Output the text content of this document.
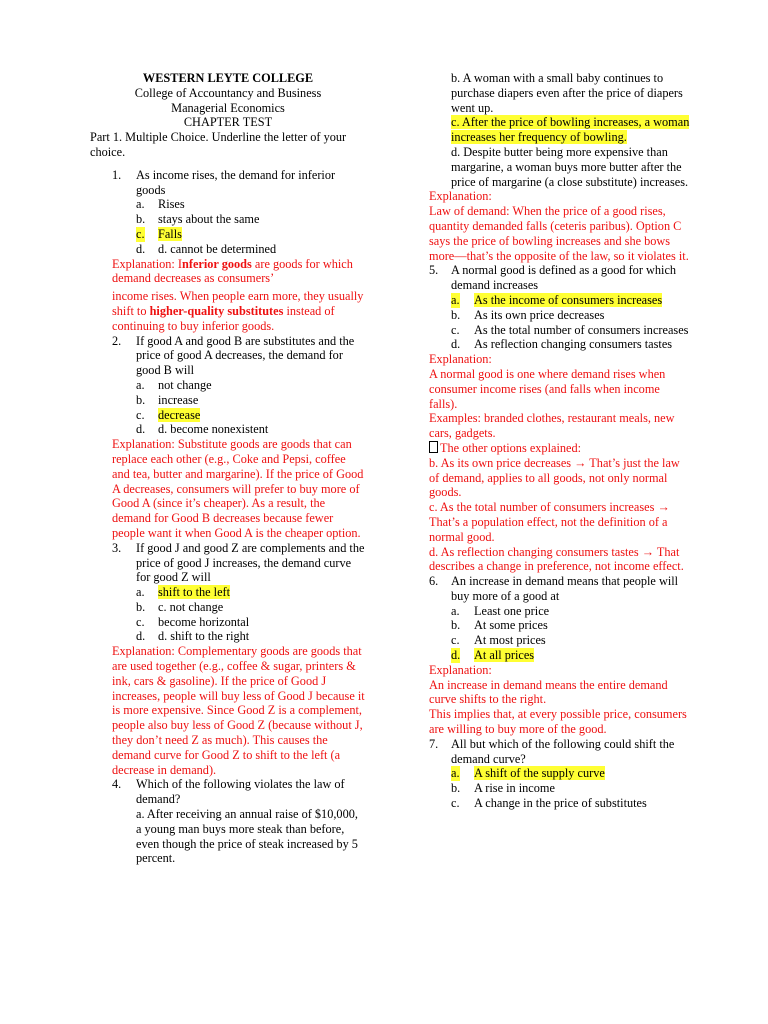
WESTERN LEYTE COLLEGE

College of Accountancy and Business

Managerial Economics

CHAPTER TEST

Part 1. Multiple Choice. Underline the letter of your choice.

1. As income rises, the demand for inferior goods
a. Rises
b. stays about the same
c. Falls
d. d. cannot be determined

Explanation: Inferior goods are goods for which demand decreases as consumers’

income rises. When people earn more, they usually shift to higher-quality substitutes instead of continuing to buy inferior goods.

2. If good A and good B are substitutes and the price of good A decreases, the demand for good B will
a. not change
b. increase
c. decrease
d. d. become nonexistent

Explanation: Substitute goods are goods that can replace each other (e.g., Coke and Pepsi, coffee and tea, butter and margarine). If the price of Good A decreases, consumers will prefer to buy more of Good A (since it’s cheaper). As a result, the demand for Good B decreases because fewer people want it when Good A is the cheaper option.

3. If good J and good Z are complements and the price of good J increases, the demand curve for good Z will
a. shift to the left
b. c. not change
c. become horizontal
d. d. shift to the right

Explanation: Complementary goods are goods that are used together (e.g., coffee & sugar, printers & ink, cars & gasoline). If the price of Good J increases, people will buy less of Good J because it is more expensive. Since Good Z is a complement, people also buy less of Good Z (because without J, they don’t need Z as much). This causes the demand curve for Good Z to shift to the left (a decrease in demand).

4. Which of the following violates the law of demand?

a. After receiving an annual raise of $10,000, a young man buys more steak than before, even though the price of steak increased by 5 percent.

b. A woman with a small baby continues to purchase diapers even after the price of diapers went up.

c. After the price of bowling increases, a woman increases her frequency of bowling.

d. Despite butter being more expensive than margarine, a woman buys more butter after the price of margarine (a close substitute) increases.

Explanation:

Law of demand: When the price of a good rises, quantity demanded falls (ceteris paribus). Option C says the price of bowling increases and she bows more—that’s the opposite of the law, so it violates it.

5. A normal good is defined as a good for which demand increases
a. As the income of consumers increases
b. As its own price decreases
c. As the total number of consumers increases
d. As reflection changing consumers tastes

Explanation:

A normal good is one where demand rises when consumer income rises (and falls when income falls).

Examples: branded clothes, restaurant meals, new cars, gadgets.

The other options explained:

b. As its own price decreases → That’s just the law of demand, applies to all goods, not only normal goods.

c. As the total number of consumers increases → That’s a population effect, not the definition of a normal good.

d. As reflection changing consumers tastes → That describes a change in preference, not income effect.

6. An increase in demand means that people will buy more of a good at
a. Least one price
b. At some prices
c. At most prices
d. At all prices

Explanation:

An increase in demand means the entire demand curve shifts to the right.

This implies that, at every possible price, consumers are willing to buy more of the good.

7. All but which of the following could shift the demand curve?
a. A shift of the supply curve
b. A rise in income
c. A change in the price of substitutes
